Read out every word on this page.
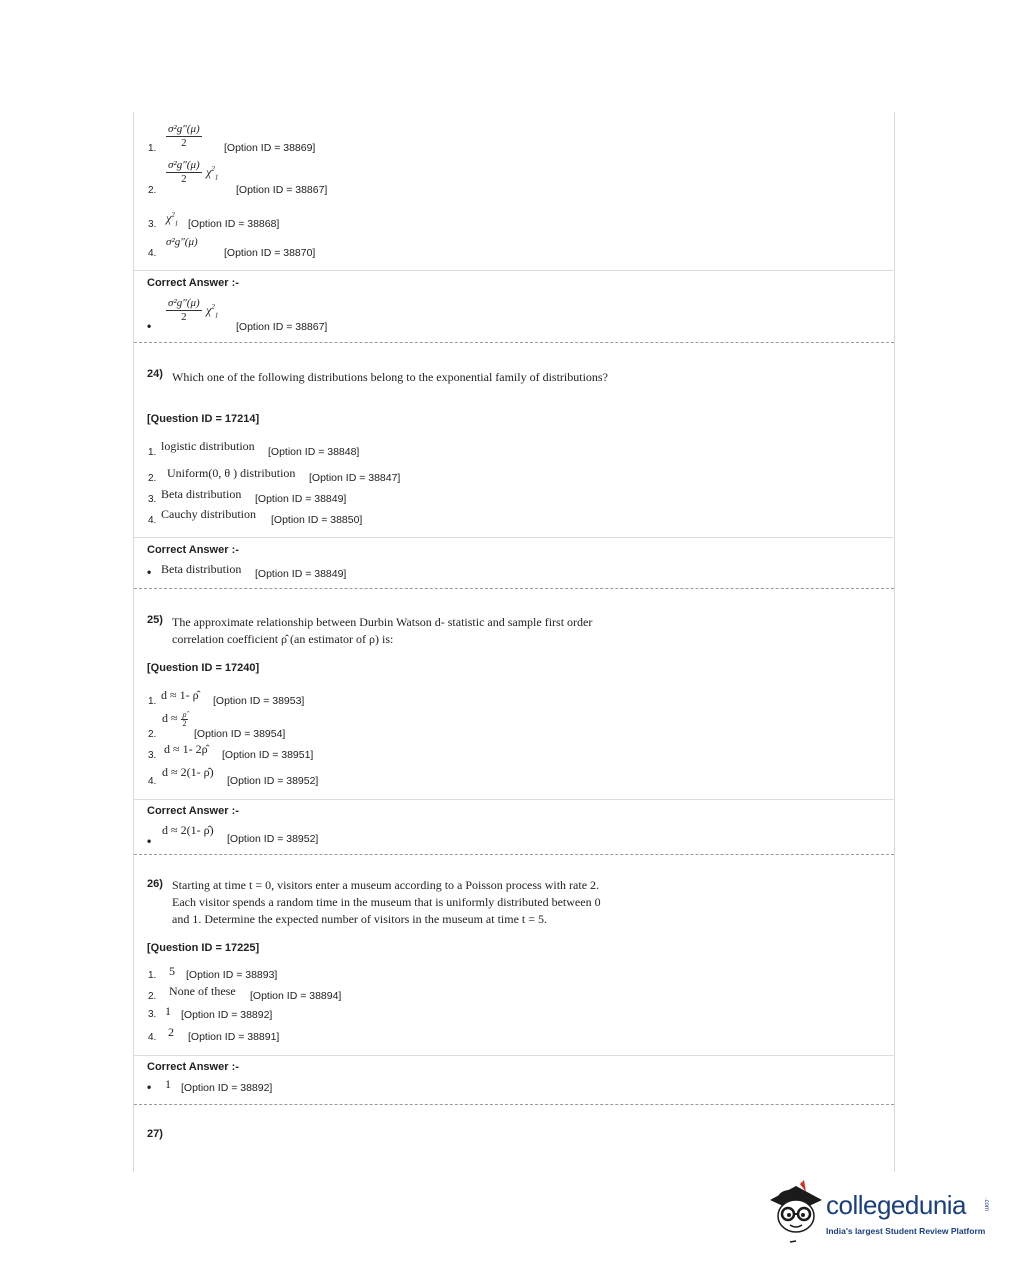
$\frac{\text{σ²g″(μ)}}{2}$
1.	[Option ID = 38869]
$\frac{\text{σ²g″(μ)}}{2} \chi^2_1$
2.	[Option ID = 38867]
3. $\chi^2_1$ [Option ID = 38868]
σ²g″(μ)
4.	[Option ID = 38870]
Correct Answer :-
$\frac{\text{σ²g″(μ)}}{2} \chi^2_1$
•	[Option ID = 38867]
24) Which one of the following distributions belong to the exponential family of distributions?
[Question ID = 17214]
1. logistic distribution [Option ID = 38848]
2. Uniform(0, θ ) distribution [Option ID = 38847]
3. Beta distribution [Option ID = 38849]
4. Cauchy distribution [Option ID = 38850]
Correct Answer :-
• Beta distribution [Option ID = 38849]
25) The approximate relationship between Durbin Watson d- statistic and sample first order
correlation coefficient ρ̂ (an estimator of ρ) is:
[Question ID = 17240]
1. d ≈ 1- ρ̂ [Option ID = 38953]
2.
$d \approx \frac{\rhô}{2}$
[Option ID = 38954]
3. d ≈ 1- 2ρ̂ [Option ID = 38951]
4.
d ≈ 2(1- ρ̂)
[Option ID = 38952]
Correct Answer :-
d ≈ 2(1- ρ̂)
•	[Option ID = 38952]
26) Starting at time t = 0, visitors enter a museum according to a Poisson process with rate 2.
Each visitor spends a random time in the museum that is uniformly distributed between 0
and 1. Determine the expected number of visitors in the museum at time t = 5.
[Question ID = 17225]
1. 5 [Option ID = 38893]
2. None of these [Option ID = 38894]
3. 1 [Option ID = 38892]
4. 2 [Option ID = 38891]
Correct Answer :-
• 1 [Option ID = 38892]
27)
collegedunia	.com
India's largest Student Review Platform
